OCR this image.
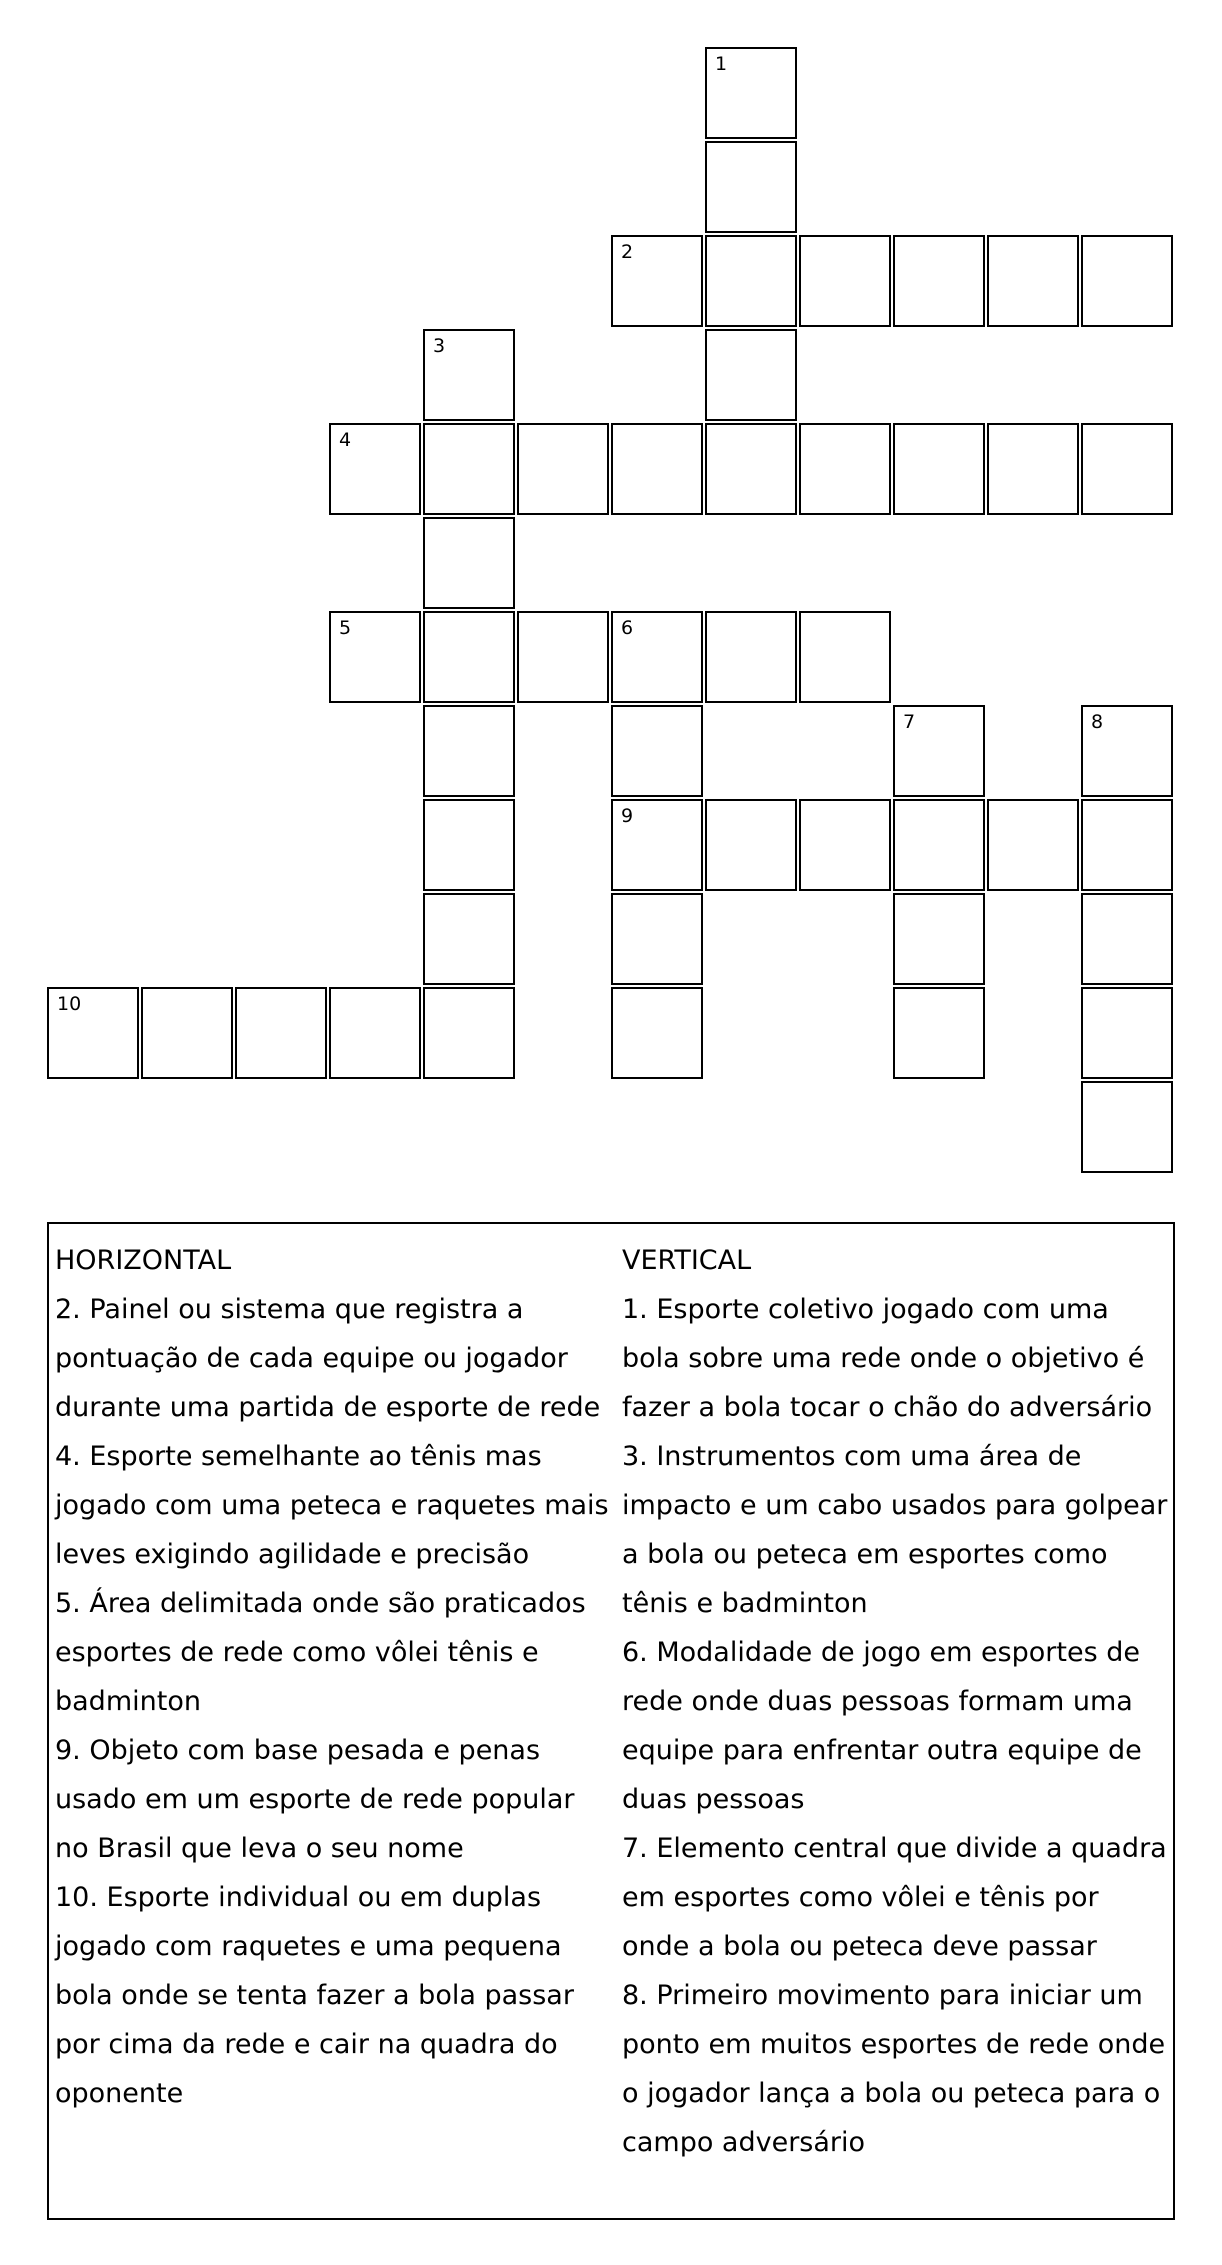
1
2
3
4
5	6
7	8
9
10
HORIZONTAL
2. Painel ou sistema que registra a pontuação de cada equipe ou jogador durante uma partida de esporte de rede
4. Esporte semelhante ao tênis mas jogado com uma peteca e raquetes mais leves exigindo agilidade e precisão
5. Área delimitada onde são praticados esportes de rede como vôlei tênis e badminton
9. Objeto com base pesada e penas usado em um esporte de rede popular no Brasil que leva o seu nome
10. Esporte individual ou em duplas jogado com raquetes e uma pequena bola onde se tenta fazer a bola passar por cima da rede e cair na quadra do oponente
VERTICAL
1. Esporte coletivo jogado com uma bola sobre uma rede onde o objetivo é fazer a bola tocar o chão do adversário
3. Instrumentos com uma área de impacto e um cabo usados para golpear a bola ou peteca em esportes como tênis e badminton
6. Modalidade de jogo em esportes de rede onde duas pessoas formam uma equipe para enfrentar outra equipe de duas pessoas
7. Elemento central que divide a quadra em esportes como vôlei e tênis por onde a bola ou peteca deve passar
8. Primeiro movimento para iniciar um ponto em muitos esportes de rede onde o jogador lança a bola ou peteca para o campo adversário
